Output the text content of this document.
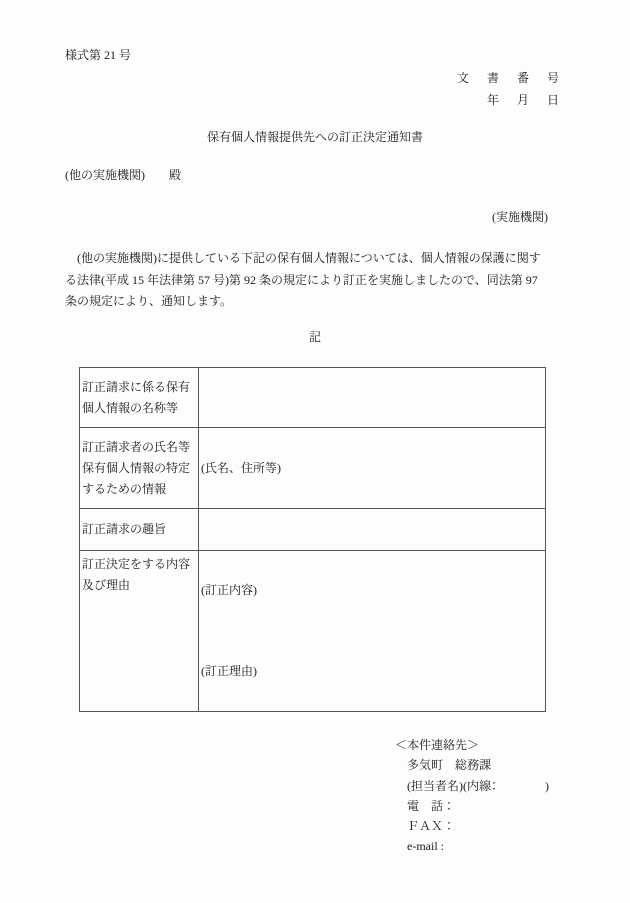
様式第 21 号
文　書　番　号
年　月　日
保有個人情報提供先への訂正決定通知書
(他の実施機関)　　殿
(実施機関)
　(他の実施機関)に提供している下記の保有個人情報については、個人情報の保護に関す
る法律(平成 15 年法律第 57 号)第 92 条の規定により訂正を実施しましたので、同法第 97
条の規定により、通知します。
記
訂正請求に係る保有個人情報の名称等	
訂正請求者の氏名等保有個人情報の特定するための情報	(氏名、住所等)
訂正請求の趣旨	
訂正決定をする内容及び理由	(訂正内容)
(訂正理由)
＜本件連絡先＞
多気町　総務課
(担当者名)(内線：　　　　)
電　話：
ＦＡＸ：
e-mail :
